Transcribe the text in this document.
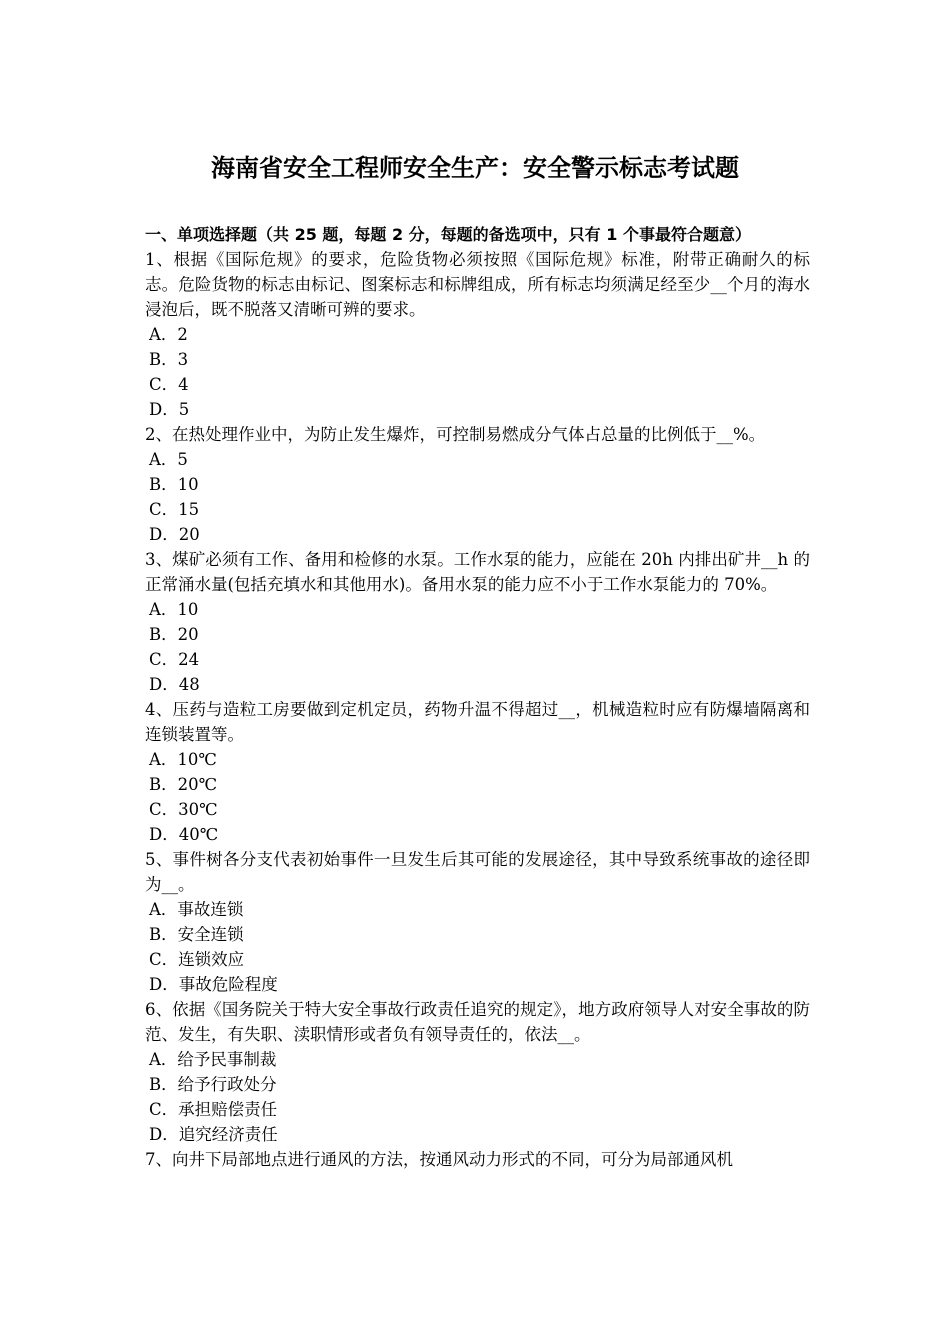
海南省安全工程师安全生产：安全警示标志考试题
一、单项选择题（共 25 题，每题 2 分，每题的备选项中，只有 1 个事最符合题意）

1、根据《国际危规》的要求，危险货物必须按照《国际危规》标准，附带正确耐久的标志。危险货物的标志由标记、图案标志和标牌组成，所有标志均须满足经至少__个月的海水浸泡后，既不脱落又清晰可辨的要求。

A．2
B．3
C．4
D．5

2、在热处理作业中，为防止发生爆炸，可控制易燃成分气体占总量的比例低于__%。

A．5
B．10
C．15
D．20

3、煤矿必须有工作、备用和检修的水泵。工作水泵的能力，应能在 20h 内排出矿井__h 的正常涌水量(包括充填水和其他用水)。备用水泵的能力应不小于工作水泵能力的 70%。

A．10
B．20
C．24
D．48

4、压药与造粒工房要做到定机定员，药物升温不得超过__，机械造粒时应有防爆墙隔离和连锁装置等。

A．10℃
B．20℃
C．30℃
D．40℃

5、事件树各分支代表初始事件一旦发生后其可能的发展途径，其中导致系统事故的途径即为__。

A．事故连锁
B．安全连锁
C．连锁效应
D．事故危险程度

6、依据《国务院关于特大安全事故行政责任追究的规定》，地方政府领导人对安全事故的防范、发生，有失职、渎职情形或者负有领导责任的，依法__。

A．给予民事制裁
B．给予行政处分
C．承担赔偿责任
D．追究经济责任

7、向井下局部地点进行通风的方法，按通风动力形式的不同，可分为局部通风机
